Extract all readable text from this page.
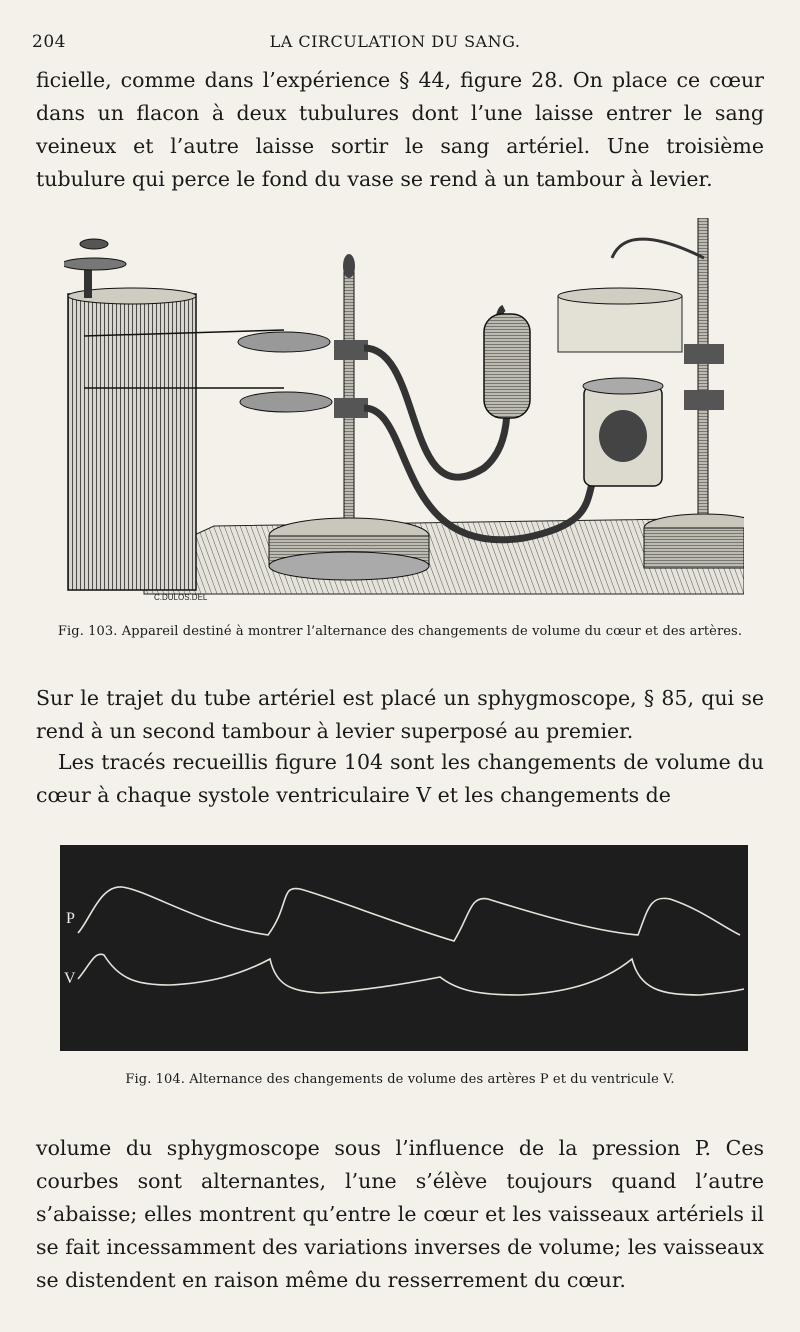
204	LA CIRCULATION DU SANG.

ficielle, comme dans l’expérience § 44, figure 28. On place ce cœur dans un flacon à deux tubulures dont l’une laisse entrer le sang veineux et l’autre laisse sortir le sang artériel. Une troisième tubulure qui perce le fond du vase se rend à un tambour à levier.

C.DULOS.DEL
Fig. 103. Appareil destiné à montrer l’alternance des changements de volume du cœur et des artères.

Sur le trajet du tube artériel est placé un sphygmoscope, § 85, qui se rend à un second tambour à levier superposé au premier.

Les tracés recueillis figure 104 sont les changements de volume du cœur à chaque systole ventriculaire V et les changements de

P
V
Fig. 104. Alternance des changements de volume des artères P et du ventricule V.

volume du sphygmoscope sous l’influence de la pression P. Ces courbes sont alternantes, l’une s’élève toujours quand l’autre s’abaisse; elles montrent qu’entre le cœur et les vaisseaux artériels il se fait incessamment des variations inverses de volume; les vaisseaux se distendent en raison même du resserrement du cœur.
